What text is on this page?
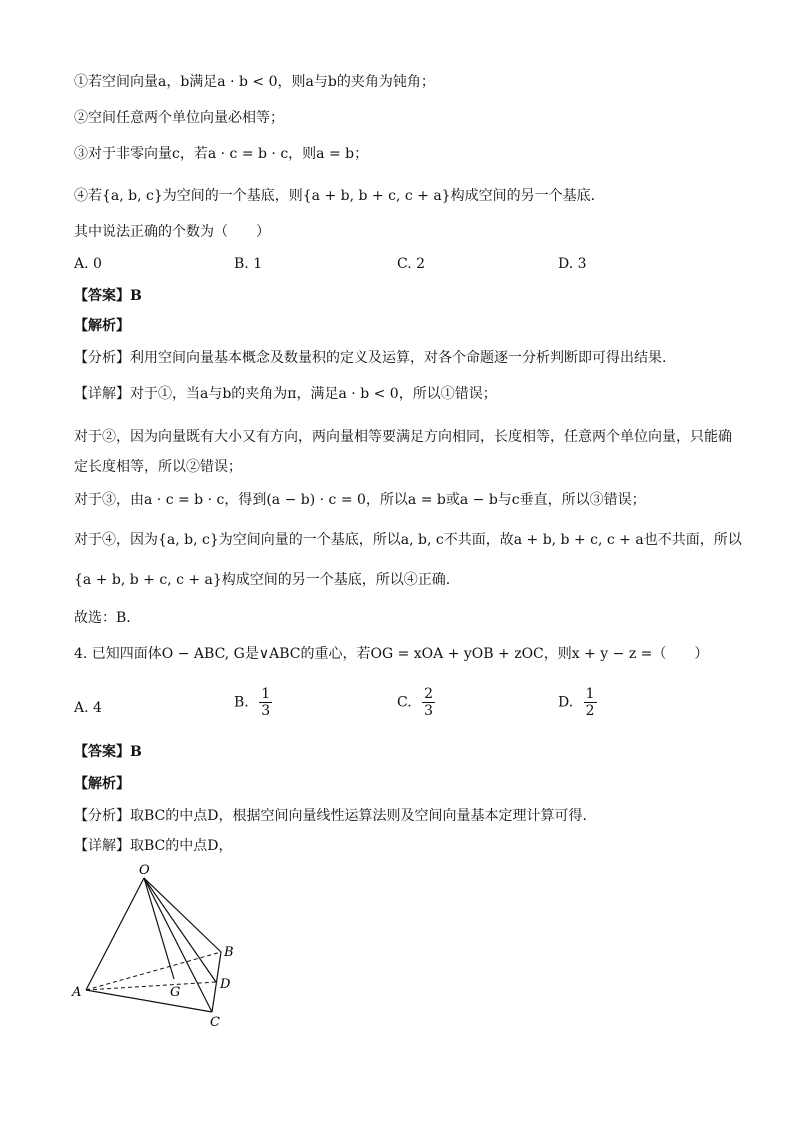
①若空间向量a，b满足a · b < 0，则a与b的夹角为钝角；
②空间任意两个单位向量必相等；
③对于非零向量c，若a · c = b · c，则a = b；
④若{a, b, c}为空间的一个基底，则{a + b, b + c, c + a}构成空间的另一个基底．
其中说法正确的个数为（　　）
A. 0	B. 1	C. 2	D. 3
【答案】B
【解析】
【分析】利用空间向量基本概念及数量积的定义及运算，对各个命题逐一分析判断即可得出结果.
【详解】对于①，当a与b的夹角为π，满足a · b < 0，所以①错误；
对于②，因为向量既有大小又有方向，两向量相等要满足方向相同，长度相等，任意两个单位向量，只能确定长度相等，所以②错误；
对于③，由a · c = b · c，得到(a − b) · c = 0，所以a = b或a − b与c垂直，所以③错误；
对于④，因为{a, b, c}为空间向量的一个基底，所以a, b, c不共面，故a + b, b + c, c + a也不共面，所以
{a + b, b + c, c + a}构成空间的另一个基底，所以④正确.
故选：B.
4. 已知四面体O − ABC, G是∨ABC的重心，若OG = xOA + yOB + zOC，则x + y − z =（　　）
A. 4	B. $\frac{1}{3}$	C. $\frac{2}{3}$	D. $\frac{1}{2}$
【答案】B
【解析】
【分析】取BC的中点D，根据空间向量线性运算法则及空间向量基本定理计算可得.
【详解】取BC的中点D，
O
A
B
C
D
G
